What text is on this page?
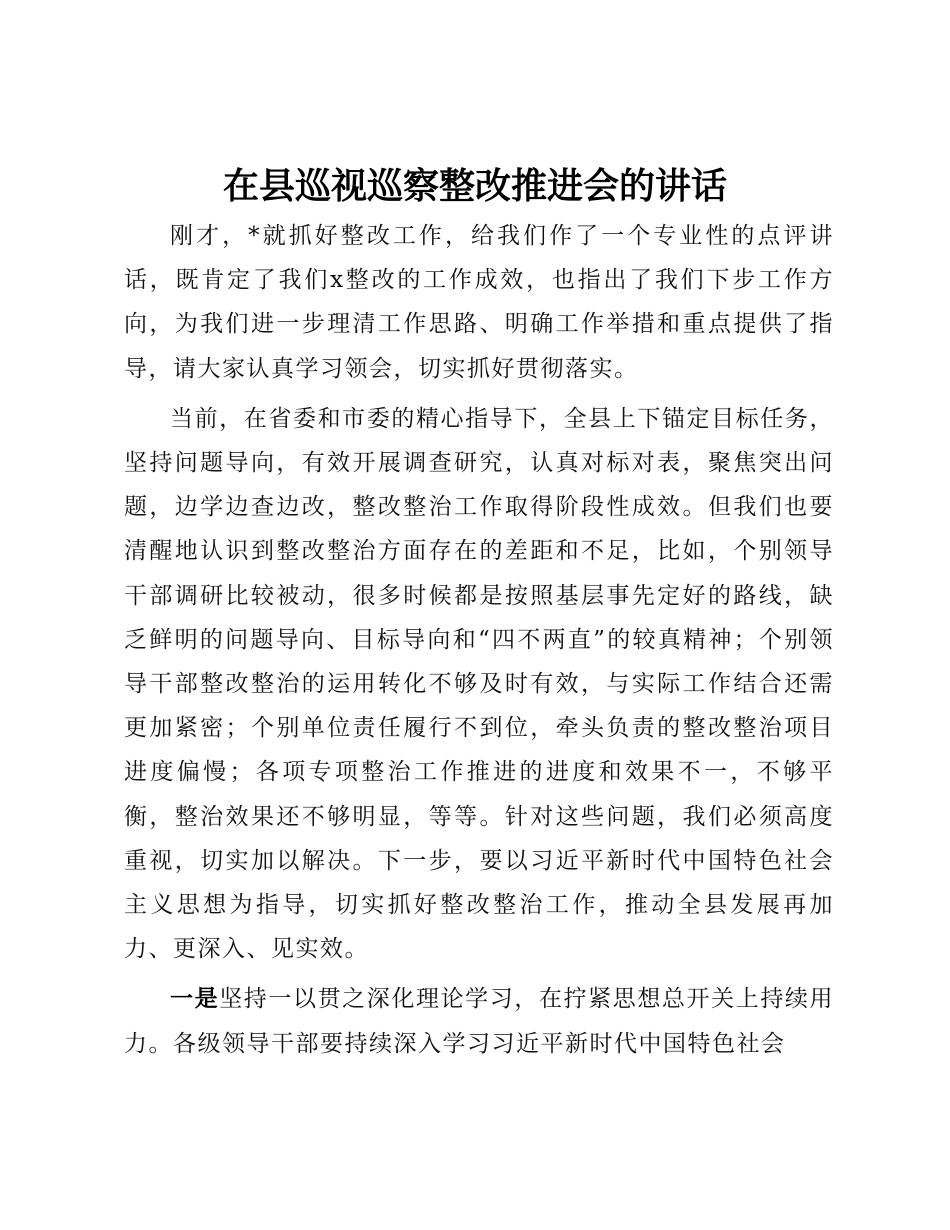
在县巡视巡察整改推进会的讲话

刚才，*就抓好整改工作，给我们作了一个专业性的点评讲话，既肯定了我们x整改的工作成效，也指出了我们下步工作方向，为我们进一步理清工作思路、明确工作举措和重点提供了指导，请大家认真学习领会，切实抓好贯彻落实。

当前，在省委和市委的精心指导下，全县上下锚定目标任务，坚持问题导向，有效开展调查研究，认真对标对表，聚焦突出问题，边学边查边改，整改整治工作取得阶段性成效。但我们也要清醒地认识到整改整治方面存在的差距和不足，比如，个别领导干部调研比较被动，很多时候都是按照基层事先定好的路线，缺乏鲜明的问题导向、目标导向和“四不两直”的较真精神；个别领导干部整改整治的运用转化不够及时有效，与实际工作结合还需更加紧密；个别单位责任履行不到位，牵头负责的整改整治项目进度偏慢；各项专项整治工作推进的进度和效果不一，不够平衡，整治效果还不够明显，等等。针对这些问题，我们必须高度重视，切实加以解决。下一步，要以习近平新时代中国特色社会主义思想为指导，切实抓好整改整治工作，推动全县发展再加力、更深入、见实效。

一是坚持一以贯之深化理论学习，在拧紧思想总开关上持续用力。各级领导干部要持续深入学习习近平新时代中国特色社会
